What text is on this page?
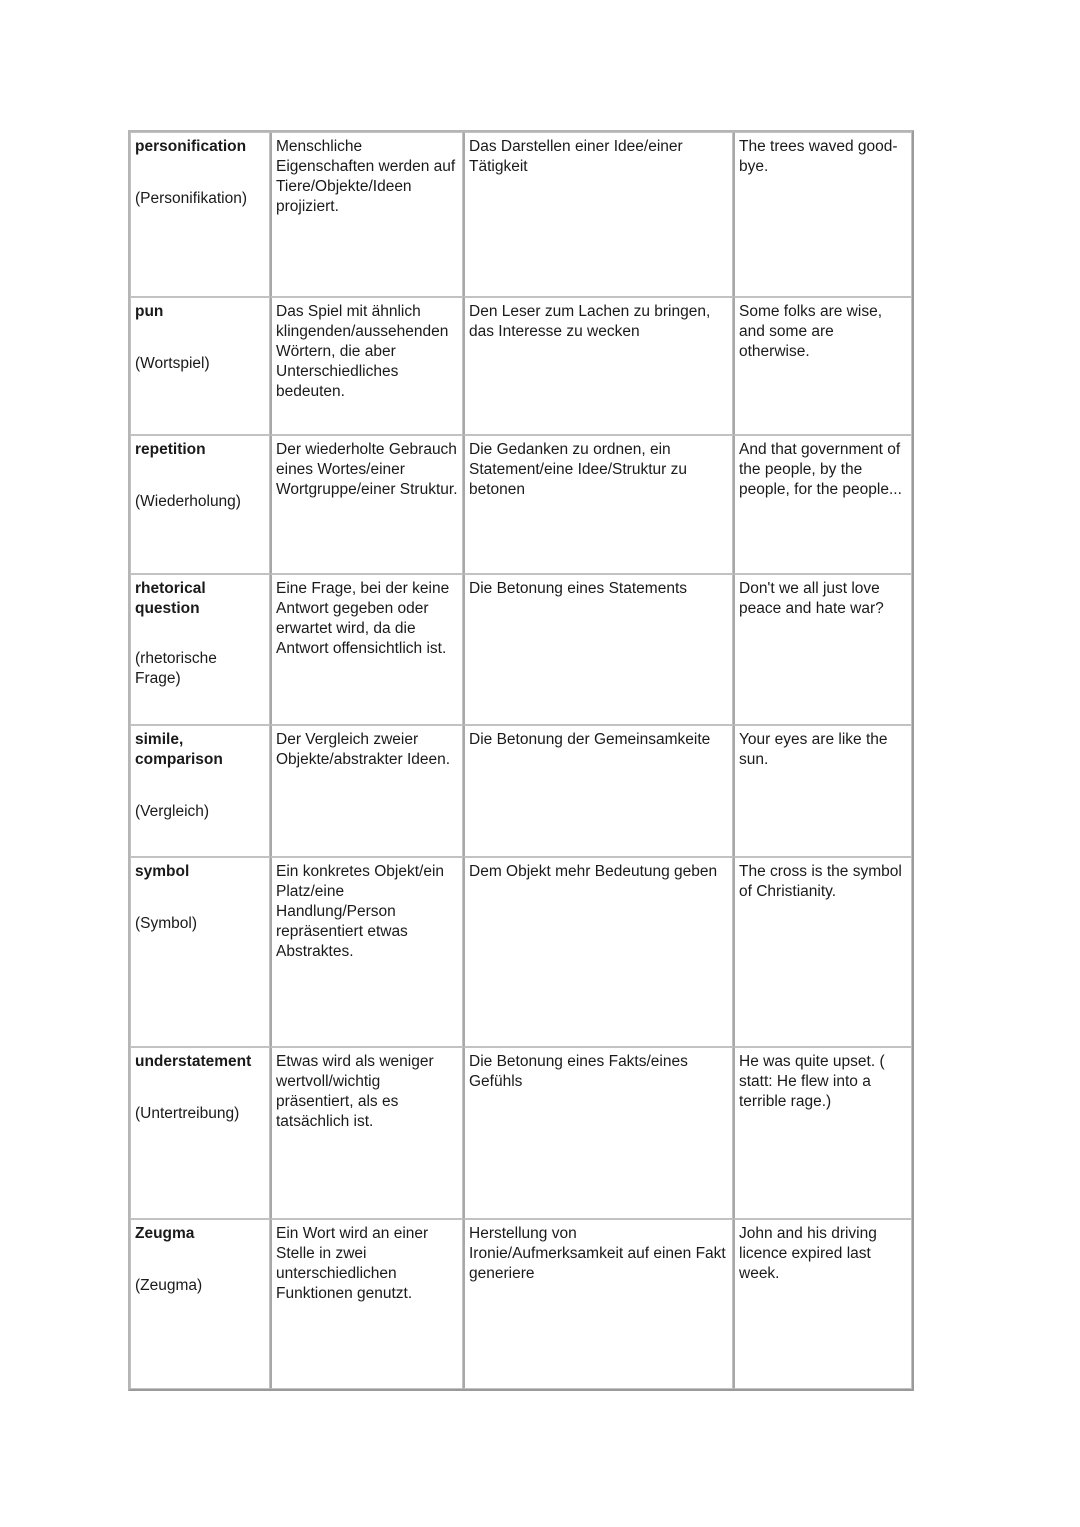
personification
(Personifikation)	Menschliche Eigenschaften werden auf Tiere/Objekte/Ideen projiziert.	Das Darstellen einer Idee/einer Tätigkeit	The trees waved good-bye.

pun
(Wortspiel)	Das Spiel mit ähnlich klingenden/aussehenden Wörtern, die aber Unterschiedliches bedeuten.	Den Leser zum Lachen zu bringen, das Interesse zu wecken	Some folks are wise, and some are otherwise.

repetition
(Wiederholung)	Der wiederholte Gebrauch eines Wortes/einer Wortgruppe/einer Struktur.	Die Gedanken zu ordnen, ein Statement/eine Idee/Struktur zu betonen	And that government of the people, by the people, for the people...

rhetorical question
(rhetorische Frage)	Eine Frage, bei der keine Antwort gegeben oder erwartet wird, da die Antwort offensichtlich ist.	Die Betonung eines Statements	Don't we all just love peace and hate war?

simile, comparison
(Vergleich)	Der Vergleich zweier Objekte/abstrakter Ideen.	Die Betonung der Gemeinsamkeite	Your eyes are like the sun.

symbol
(Symbol)	Ein konkretes Objekt/ein Platz/eine Handlung/Person repräsentiert etwas Abstraktes.	Dem Objekt mehr Bedeutung geben	The cross is the symbol of Christianity.

understatement
(Untertreibung)	Etwas wird als weniger wertvoll/wichtig präsentiert, als es tatsächlich ist.	Die Betonung eines Fakts/eines Gefühls	He was quite upset. ( statt: He flew into a terrible rage.)

Zeugma
(Zeugma)	Ein Wort wird an einer Stelle in zwei unterschiedlichen Funktionen genutzt.	Herstellung von Ironie/Aufmerksamkeit auf einen Fakt generiere	John and his driving licence expired last week.
